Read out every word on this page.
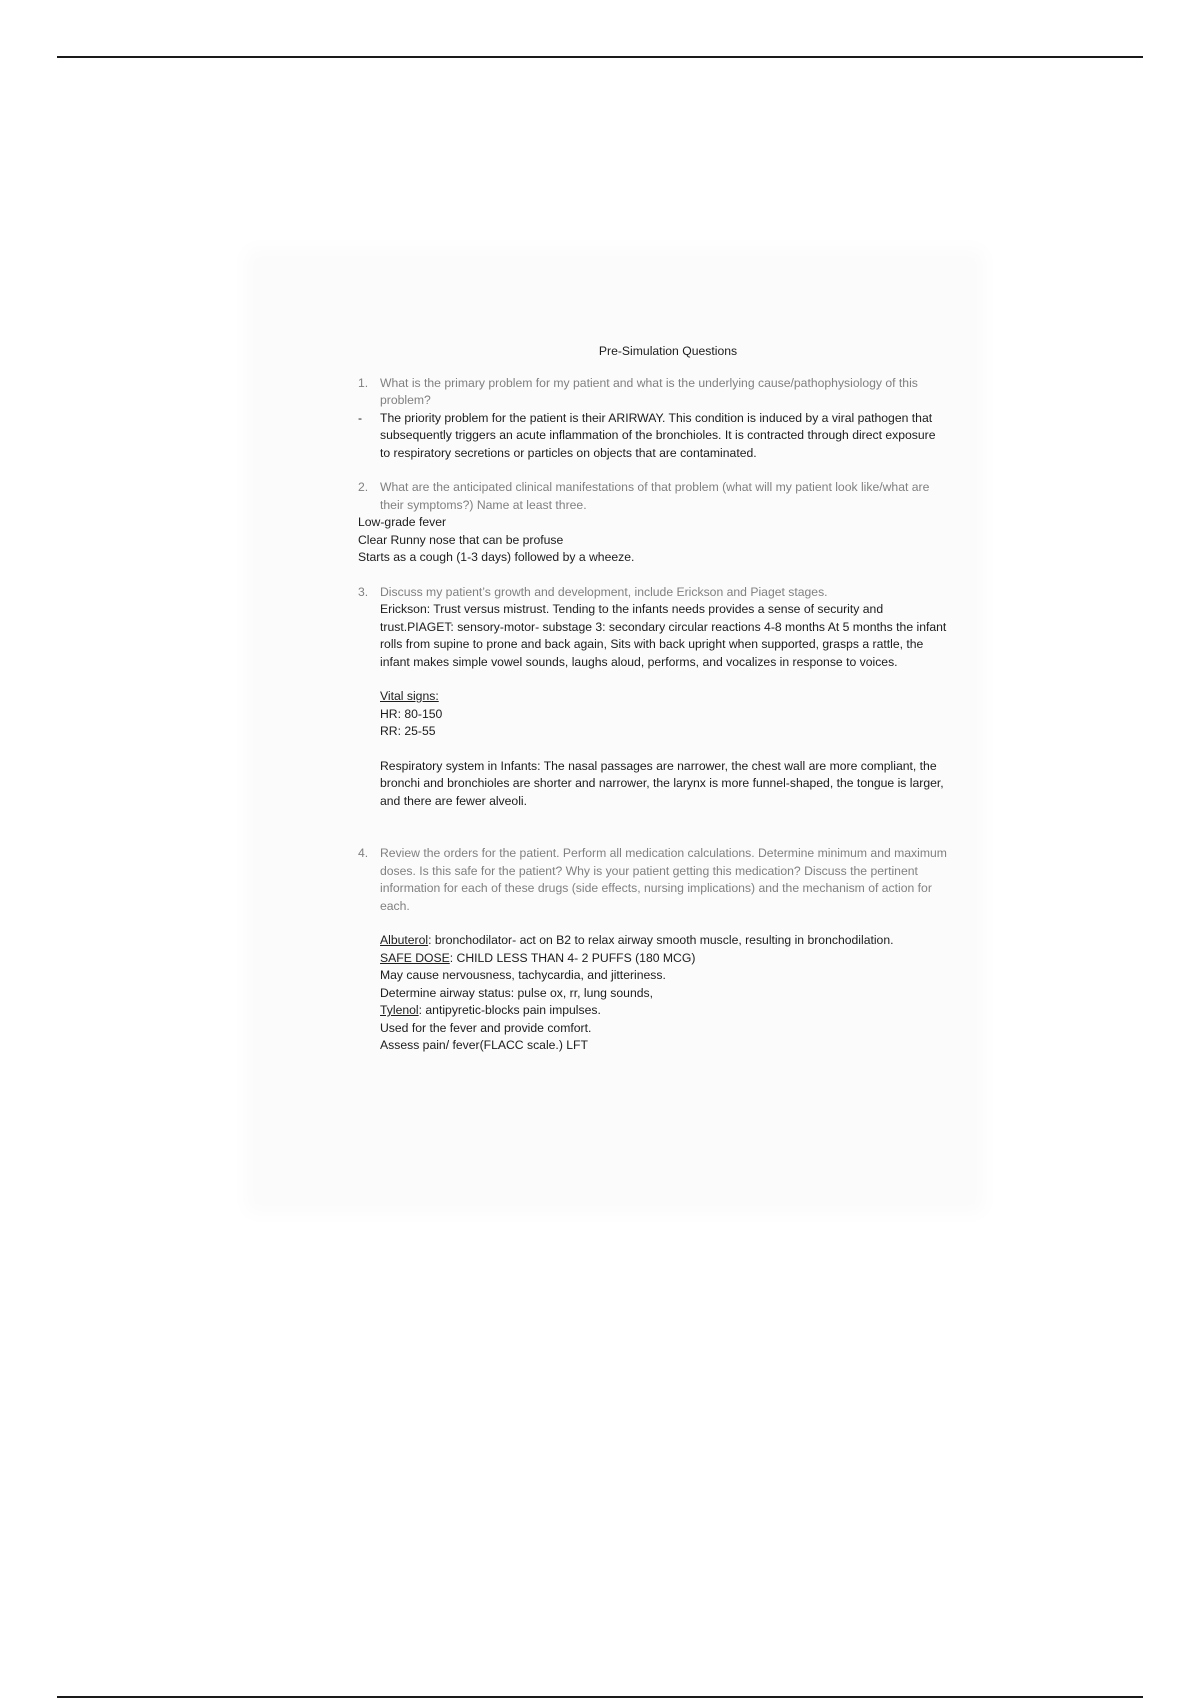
Pre-Simulation Questions
1. What is the primary problem for my patient and what is the underlying cause/pathophysiology of this problem?
- The priority problem for the patient is their ARIRWAY. This condition is induced by a viral pathogen that subsequently triggers an acute inflammation of the bronchioles. It is contracted through direct exposure to respiratory secretions or particles on objects that are contaminated.
2. What are the anticipated clinical manifestations of that problem (what will my patient look like/what are their symptoms?) Name at least three.
Low-grade fever
Clear Runny nose that can be profuse
Starts as a cough (1-3 days) followed by a wheeze.
3. Discuss my patient’s growth and development, include Erickson and Piaget stages.
Erickson: Trust versus mistrust. Tending to the infants needs provides a sense of security and trust.PIAGET: sensory-motor- substage 3: secondary circular reactions 4-8 months At 5 months the infant rolls from supine to prone and back again, Sits with back upright when supported, grasps a rattle, the infant makes simple vowel sounds, laughs aloud, performs, and vocalizes in response to voices.
Vital signs:
HR: 80-150
RR: 25-55
Respiratory system in Infants: The nasal passages are narrower, the chest wall are more compliant, the bronchi and bronchioles are shorter and narrower, the larynx is more funnel-shaped, the tongue is larger, and there are fewer alveoli.
4. Review the orders for the patient. Perform all medication calculations. Determine minimum and maximum doses. Is this safe for the patient? Why is your patient getting this medication? Discuss the pertinent information for each of these drugs (side effects, nursing implications) and the mechanism of action for each.
Albuterol: bronchodilator- act on B2 to relax airway smooth muscle, resulting in bronchodilation.
SAFE DOSE: CHILD LESS THAN 4- 2 PUFFS (180 MCG)
May cause nervousness, tachycardia, and jitteriness.
Determine airway status: pulse ox, rr, lung sounds,
Tylenol: antipyretic-blocks pain impulses.
Used for the fever and provide comfort.
Assess pain/ fever(FLACC scale.) LFT
